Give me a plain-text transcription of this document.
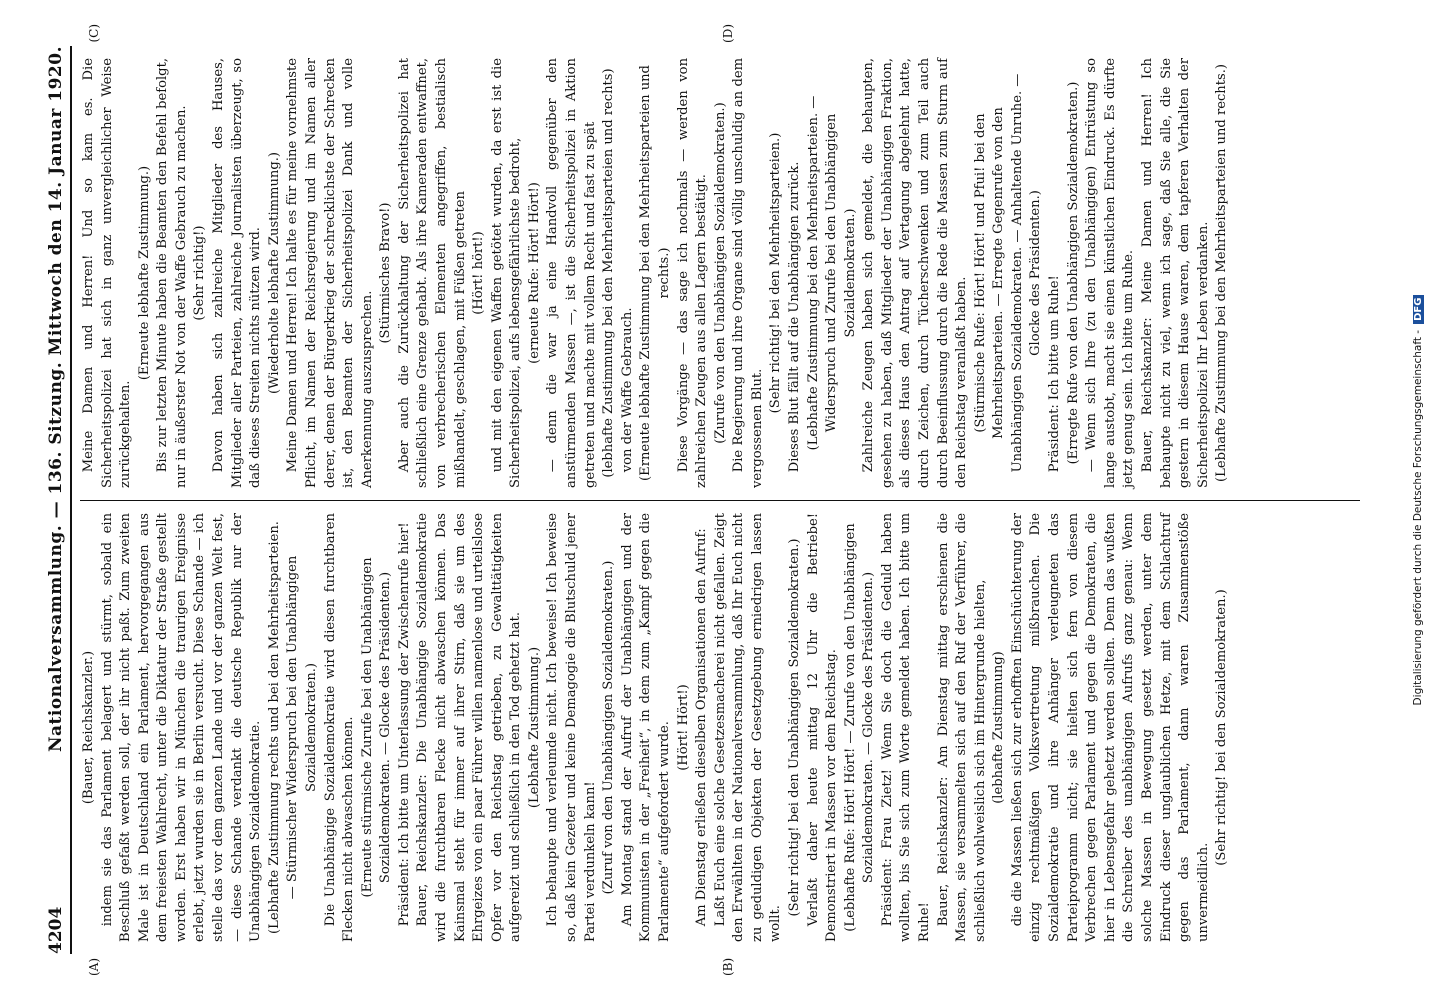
4204
Nationalversammlung. — 136. Sitzung. Mittwoch den 14. Januar 1920.
(A)	(B)

(Bauer, Reichskanzler.) indem sie das Parlament belagert und stürmt, sobald ein Beschluß gefaßt werden soll, der ihr nicht paßt. Zum zweiten Male ist in Deutschland ein Parlament, hervorgegangen aus dem freiesten Wahlrecht, unter die Diktatur der Straße gestellt worden. Erst haben wir in München die traurigen Ereignisse erlebt, jetzt wurden sie in Berlin versucht. Diese Schande — ich stelle das vor dem ganzen Lande und vor der ganzen Welt fest, — diese Schande verdankt die deutsche Republik nur der Unabhängigen Sozialdemokratie. (Lebhafte Zustimmung rechts und bei den Mehrheitsparteien. — Stürmischer Widerspruch bei den Unabhängigen Sozialdemokraten.) Die Unabhängige Sozialdemokratie wird diesen furchtbaren Flecken nicht abwaschen können. (Erneute stürmische Zurufe bei den Unabhängigen Sozialdemokraten. — Glocke des Präsidenten.) Präsident: Ich bitte um Unterlassung der Zwischenrufe hier! Bauer, Reichskanzler: Die Unabhängige Sozialdemokratie wird die furchtbaren Flecke nicht abwaschen können. Das Kainsmal steht für immer auf ihrer Stirn, daß sie um des Ehrgeizes von ein paar Führer willen namenlose und urteilslose Opfer vor den Reichstag getrieben, zu Gewalttätigkeiten aufgereizt und schließlich in den Tod gehetzt hat. (Lebhafte Zustimmung.) Ich behaupte und verleumde nicht. Ich beweise! Ich beweise so, daß kein Gezeter und keine Demagogie die Blutschuld jener Partei verdunkeln kann! (Zuruf von den Unabhängigen Sozialdemokraten.) Am Montag stand der Aufruf der Unabhängigen und der Kommunisten in der „Freiheit“, in dem zum „Kampf gegen die Parlamente“ aufgefordert wurde. (Hört! Hört!) Am Dienstag erließen dieselben Organisationen den Aufruf: Laßt Euch eine solche Gesetzesmacherei nicht gefallen. Zeigt den Erwählten in der Nationalversammlung, daß Ihr Euch nicht zu geduldigen Objekten der Gesetzgebung erniedrigen lassen wollt.

(Sehr richtig! bei den Unabhängigen Sozialdemokraten.) Verlaßt daher heute mittag 12 Uhr die Betriebe! Demonstriert in Massen vor dem Reichstag. (Lebhafte Rufe: Hört! Hört! — Zurufe von den Unabhängigen Sozialdemokraten. — Glocke des Präsidenten.) Präsident: Frau Zietz! Wenn Sie doch die Geduld haben wollten, bis Sie sich zum Worte gemeldet haben. Ich bitte um Ruhe! Bauer, Reichskanzler: Am Dienstag mittag erschienen die Massen, sie versammelten sich auf den Ruf der Verführer, die schließlich wohlweislich sich im Hintergrunde hielten, (lebhafte Zustimmung) die die Massen ließen sich zur erhofften Einschüchterung der einzig rechtmäßigen Volksvertretung mißbrauchen. Die Sozialdemokratie und ihre Anhänger verleugneten das Parteiprogramm nicht; sie hielten sich fern von diesem Verbrechen gegen Parlament und gegen die Demokraten, die hier in Lebensgefahr gehetzt werden sollten. Denn das wußten die Schreiber des unabhängigen Aufrufs ganz genau: Wenn solche Massen in Bewegung gesetzt werden, unter dem Eindruck dieser unglaublichen Hetze, mit dem Schlachtruf gegen das Parlament, dann waren Zusammenstöße unvermeidlich.

(Sehr richtig! bei den Sozialdemokraten.)

(C)	(D)

Meine Damen und Herren! Und so kam es. Die Sicherheitspolizei hat sich in ganz unvergleichlicher Weise zurückgehalten.

(Erneute lebhafte Zustimmung.) Bis zur letzten Minute haben die Beamten den Befehl befolgt, nur in äußerster Not von der Waffe Gebrauch zu machen. (Sehr richtig!) Davon haben sich zahlreiche Mitglieder des Hauses, Mitglieder aller Parteien, zahlreiche Journalisten überzeugt, so daß dieses Streiten nichts nützen wird. (Wiederholte lebhafte Zustimmung.) Meine Damen und Herren! Ich halte es für meine vornehmste Pflicht, im Namen der Reichsregierung und im Namen aller derer, denen der Bürgerkrieg der schrecklichste der Schrecken ist, den Beamten der Sicherheitspolizei Dank und volle Anerkennung auszusprechen.

(Stürmisches Bravo!) Aber auch die Zurückhaltung der Sicherheitspolizei hat schließlich eine Grenze gehabt. Als ihre Kameraden entwaffnet, von verbrecherischen Elementen angegriffen, bestialisch mißhandelt, geschlagen, mit Füßen getreten (Hört! hört!) und mit den eigenen Waffen getötet wurden, da erst ist die Sicherheitspolizei, aufs lebensgefährlichste bedroht, (erneute Rufe: Hört! Hört!) — denn die war ja eine Handvoll gegenüber den anstürmenden Massen —, ist die Sicherheitspolizei in Aktion getreten und machte mit vollem Recht und fast zu spät (lebhafte Zustimmung bei den Mehrheitsparteien und rechts) von der Waffe Gebrauch. (Erneute lebhafte Zustimmung bei den Mehrheitsparteien und rechts.) Diese Vorgänge — das sage ich nochmals — werden von zahlreichen Zeugen aus allen Lagern bestätigt. (Zurufe von den Unabhängigen Sozialdemokraten.) Die Regierung und ihre Organe sind völlig unschuldig an dem vergossenen Blut.

(Sehr richtig! bei den Mehrheitsparteien.) Dieses Blut fällt auf die Unabhängigen zurück. (Lebhafte Zustimmung bei den Mehrheitsparteien. — Widerspruch und Zurufe bei den Unabhängigen Sozialdemokraten.) Zahlreiche Zeugen haben sich gemeldet, die behaupten, gesehen zu haben, daß Mitglieder der Unabhängigen Fraktion, als dieses Haus den Antrag auf Vertagung abgelehnt hatte, durch Zeichen, durch Tücherschwenken und zum Teil auch durch Beeinflussung durch die Rede die Massen zum Sturm auf den Reichstag veranlaßt haben. (Stürmische Rufe: Hört! Hört! und Pfui! bei den Mehrheitsparteien. — Erregte Gegenrufe von den Unabhängigen Sozialdemokraten. — Anhaltende Unruhe. — Glocke des Präsidenten.)

Präsident: Ich bitte um Ruhe! (Erregte Rufe von den Unabhängigen Sozialdemokraten.) — Wenn sich Ihre (zu den Unabhängigen) Entrüstung so lange austobt, macht sie einen künstlichen Eindruck. Es dürfte jetzt genug sein. Ich bitte um Ruhe. Bauer, Reichskanzler: Meine Damen und Herren! Ich behaupte nicht zu viel, wenn ich sage, daß Sie alle, die Sie gestern in diesem Hause waren, dem tapferen Verhalten der Sicherheitspolizei Ihr Leben verdanken. (Lebhafte Zustimmung bei den Mehrheitsparteien und rechts.)

Digitalisierung gefördert durch die Deutsche Forschungsgemeinschaft -
DFG
